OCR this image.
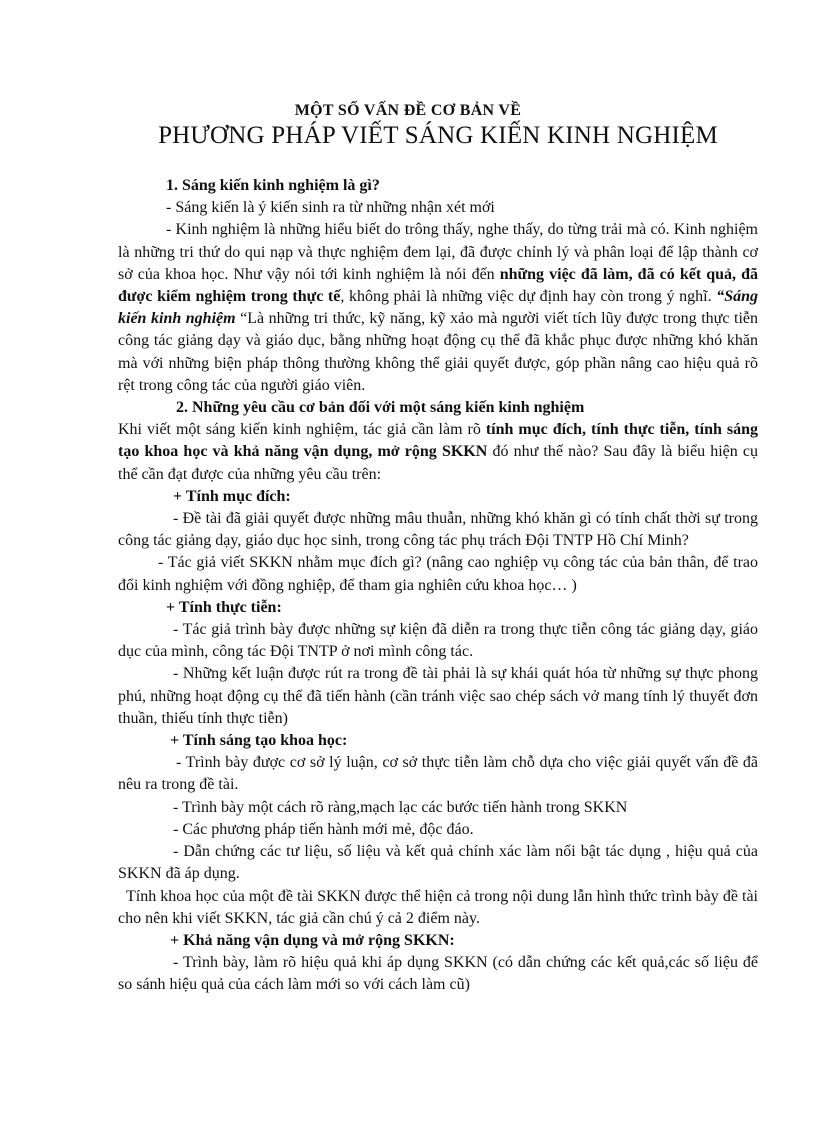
MỘT SỐ VẤN ĐỀ CƠ BẢN VỀ
PHƯƠNG PHÁP VIẾT SÁNG KIẾN KINH NGHIỆM

1. Sáng kiến kinh nghiệm là gì?

- Sáng kiến là ý kiến sinh ra từ những nhận xét mới

- Kinh nghiệm là những hiểu biết do trông thấy, nghe thấy, do từng trải mà có. Kinh nghiệm là những tri thứ do qui nạp và thực nghiệm đem lại, đã được chỉnh lý và phân loại để lập thành cơ sở của khoa học. Như vậy nói tới kinh nghiệm là nói đến những việc đã làm, đã có kết quả, đã được kiểm nghiệm trong thực tế, không phải là những việc dự định hay còn trong ý nghĩ. “Sáng kiến kinh nghiệm “Là những tri thức, kỹ năng, kỹ xảo mà người viết tích lũy được trong thực tiễn công tác giảng dạy và giáo dục, bằng những hoạt động cụ thể đã khắc phục được những khó khăn mà với những biện pháp thông thường không thể giải quyết được, góp phần nâng cao hiệu quả rõ rệt trong công tác của người giáo viên.

2. Những yêu cầu cơ bản đối với một sáng kiến kinh nghiệm

Khi viết một sáng kiến kinh nghiệm, tác giả cần làm rõ tính mục đích, tính thực tiễn, tính sáng tạo khoa học và khả năng vận dụng, mở rộng SKKN đó như thế nào? Sau đây là biểu hiện cụ thể cần đạt được của những yêu cầu trên:

+ Tính mục đích:

- Đề tài đã giải quyết được những mâu thuẫn, những khó khăn gì có tính chất thời sự trong công tác giảng dạy, giáo dục học sinh, trong công tác phụ trách Đội TNTP Hồ Chí Minh?

- Tác giả viết SKKN nhằm mục đích gì? (nâng cao nghiệp vụ công tác của bản thân, để trao đổi kinh nghiệm với đồng nghiệp, để tham gia nghiên cứu khoa học… )

+ Tính thực tiễn:

- Tác giả trình bày được những sự kiện đã diễn ra trong thực tiễn công tác giảng dạy, giáo dục của mình, công tác Đội TNTP ở nơi mình công tác.

- Những kết luận được rút ra trong đề tài phải là sự khái quát hóa từ những sự thực phong phú, những hoạt động cụ thể đã tiến hành (cần tránh việc sao chép sách vở mang tính lý thuyết đơn thuần, thiếu tính thực tiễn)

+ Tính sáng tạo khoa học:

- Trình bày được cơ sở lý luận, cơ sở thực tiễn làm chỗ dựa cho việc giải quyết vấn đề đã nêu ra trong đề tài.

- Trình bày một cách rõ ràng,mạch lạc các bước tiến hành trong SKKN

- Các phương pháp tiến hành mới mẻ, độc đáo.

- Dẫn chứng các tư liệu, số liệu và kết quả chính xác làm nổi bật tác dụng , hiệu quả của SKKN đã áp dụng.

Tính khoa học của một đề tài SKKN được thể hiện cả trong nội dung lẫn hình thức trình bày đề tài cho nên khi viết SKKN, tác giả cần chú ý cả 2 điểm này.

+ Khả năng vận dụng và mở rộng SKKN:

- Trình bày, làm rõ hiệu quả khi áp dụng SKKN (có dẫn chứng các kết quả,các số liệu để so sánh hiệu quả của cách làm mới so với cách làm cũ)
